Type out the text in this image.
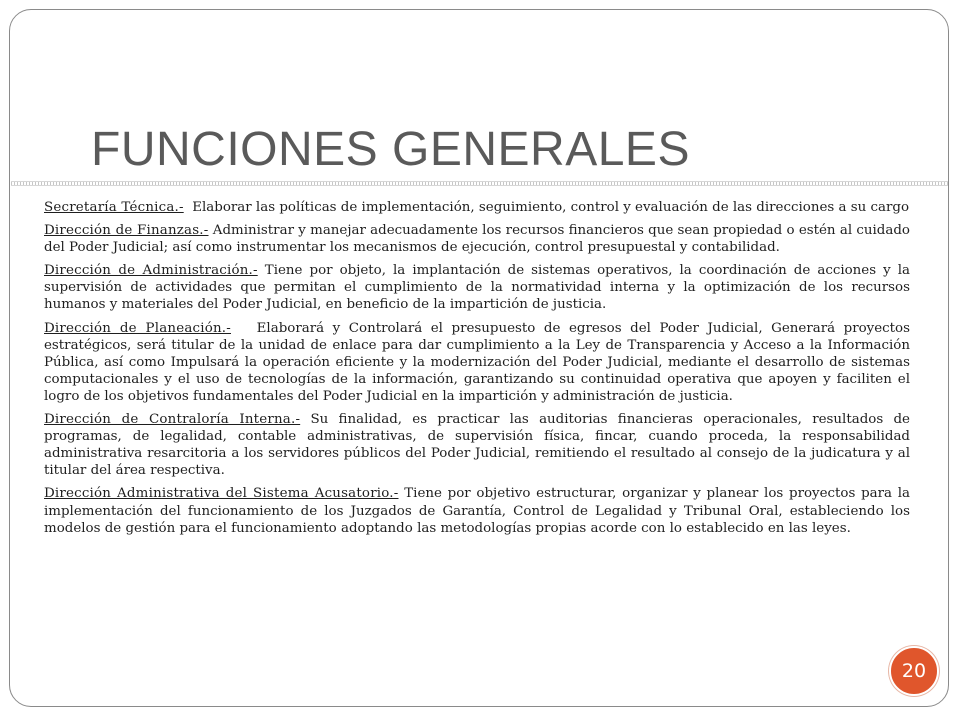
FUNCIONES GENERALES

Secretaría Técnica.- Elaborar las políticas de implementación, seguimiento, control y evaluación de las direcciones a su cargo

Dirección de Finanzas.- Administrar y manejar adecuadamente los recursos financieros que sean propiedad o estén al cuidado del Poder Judicial; así como instrumentar los mecanismos de ejecución, control presupuestal y contabilidad.

Dirección de Administración.- Tiene por objeto, la implantación de sistemas operativos, la coordinación de acciones y la supervisión de actividades que permitan el cumplimiento de la normatividad interna y la optimización de los recursos humanos y materiales del Poder Judicial, en beneficio de la impartición de justicia.

Dirección de Planeación.- Elaborará y Controlará el presupuesto de egresos del Poder Judicial, Generará proyectos estratégicos, será titular de la unidad de enlace para dar cumplimiento a la Ley de Transparencia y Acceso a la Información Pública, así como Impulsará la operación eficiente y la modernización del Poder Judicial, mediante el desarrollo de sistemas computacionales y el uso de tecnologías de la información, garantizando su continuidad operativa que apoyen y faciliten el logro de los objetivos fundamentales del Poder Judicial en la impartición y administración de justicia.

Dirección de Contraloría Interna.- Su finalidad, es practicar las auditorias financieras operacionales, resultados de programas, de legalidad, contable administrativas, de supervisión física, fincar, cuando proceda, la responsabilidad administrativa resarcitoria a los servidores públicos del Poder Judicial, remitiendo el resultado al consejo de la judicatura y al titular del área respectiva.

Dirección Administrativa del Sistema Acusatorio.- Tiene por objetivo estructurar, organizar y planear los proyectos para la implementación del funcionamiento de los Juzgados de Garantía, Control de Legalidad y Tribunal Oral, estableciendo los modelos de gestión para el funcionamiento adoptando las metodologías propias acorde con lo establecido en las leyes.

20
